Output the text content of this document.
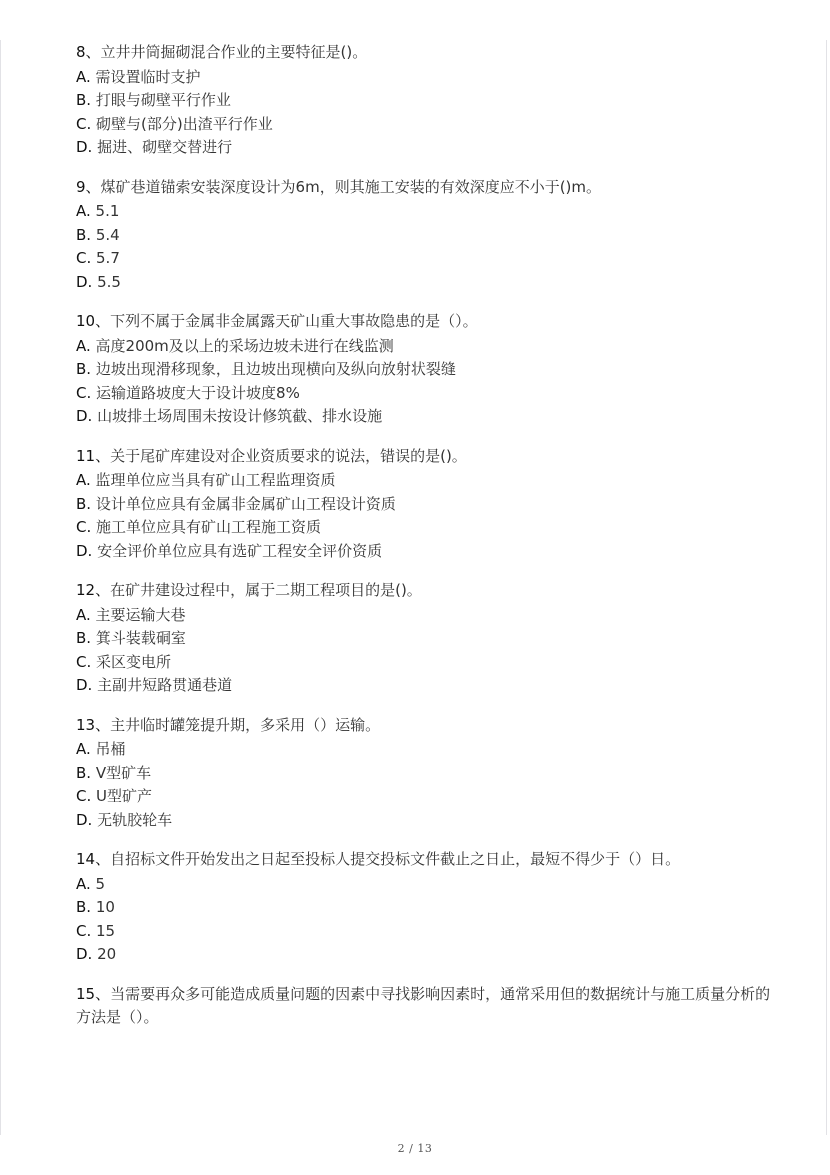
8、立井井筒掘砌混合作业的主要特征是()。
A. 需设置临时支护
B. 打眼与砌壁平行作业
C. 砌壁与(部分)出渣平行作业
D. 掘进、砌壁交替进行
9、煤矿巷道锚索安装深度设计为6m，则其施工安装的有效深度应不小于()m。
A. 5.1
B. 5.4
C. 5.7
D. 5.5
10、下列不属于金属非金属露天矿山重大事故隐患的是（）。
A. 高度200m及以上的采场边坡未进行在线监测
B. 边坡出现滑移现象，且边坡出现横向及纵向放射状裂缝
C. 运输道路坡度大于设计坡度8%
D. 山坡排土场周围未按设计修筑截、排水设施
11、关于尾矿库建设对企业资质要求的说法，错误的是()。
A. 监理单位应当具有矿山工程监理资质
B. 设计单位应具有金属非金属矿山工程设计资质
C. 施工单位应具有矿山工程施工资质
D. 安全评价单位应具有选矿工程安全评价资质
12、在矿井建设过程中，属于二期工程项目的是()。
A. 主要运输大巷
B. 箕斗装载硐室
C. 采区变电所
D. 主副井短路贯通巷道
13、主井临时罐笼提升期，多采用（）运输。
A. 吊桶
B. V型矿车
C. U型矿产
D. 无轨胶轮车
14、自招标文件开始发出之日起至投标人提交投标文件截止之日止，最短不得少于（）日。
A. 5
B. 10
C. 15
D. 20
15、当需要再众多可能造成质量问题的因素中寻找影响因素时，通常采用但的数据统计与施工质量分析的方法是（）。
2 / 13
